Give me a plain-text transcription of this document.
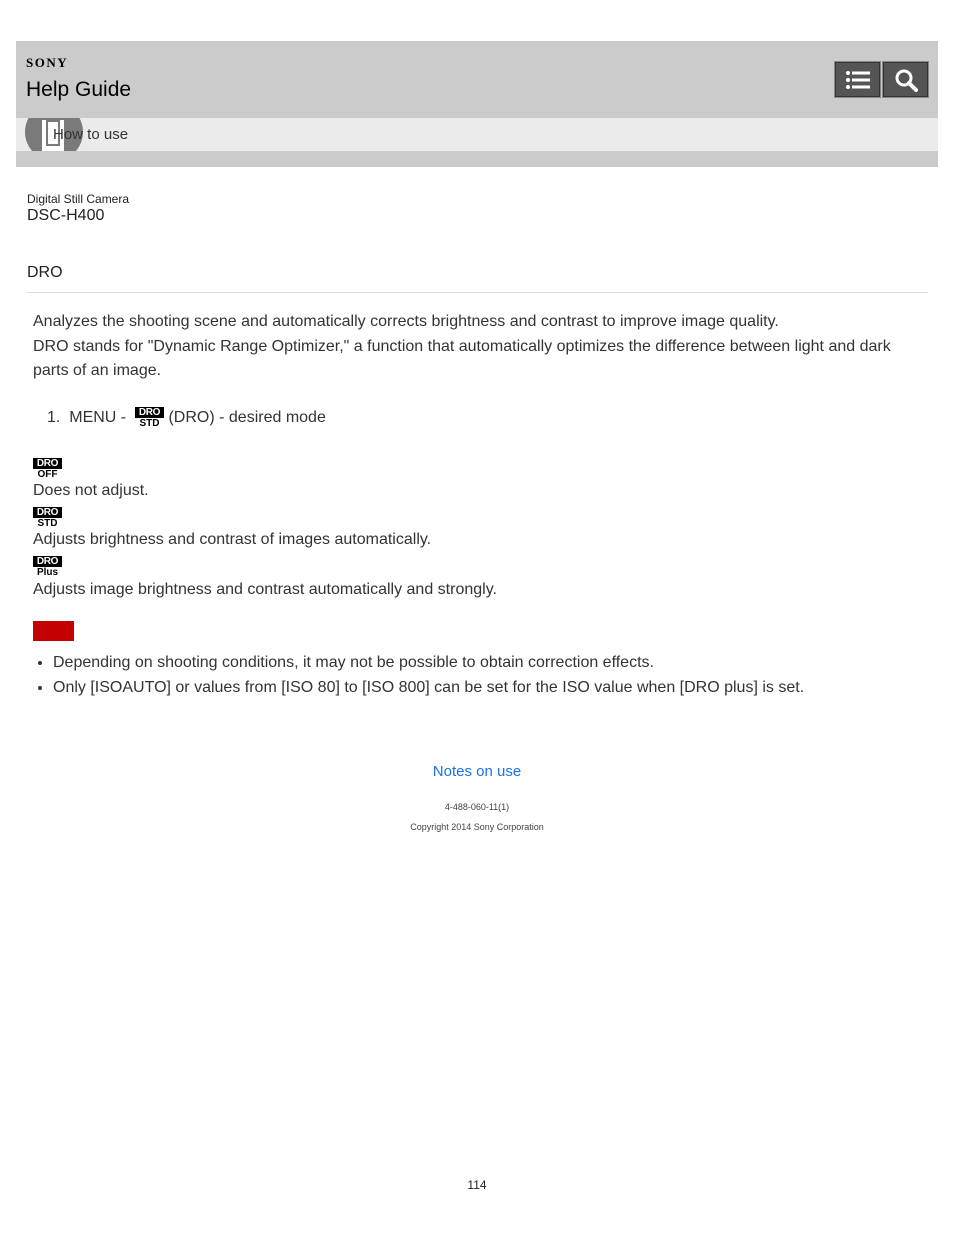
SONY
Help Guide
How to use
Digital Still Camera
DSC-H400
DRO

Analyzes the shooting scene and automatically corrects brightness and contrast to improve image quality.

DRO stands for "Dynamic Range Optimizer," a function that automatically optimizes the difference between light and dark parts of an image.

1.
MENU -
DRO
STD (DRO) - desired mode
DRO
OFF
Does not adjust.
DRO
STD
Adjusts brightness and contrast of images automatically.
DRO
Plus
Adjusts image brightness and contrast automatically and strongly.
• Depending on shooting conditions, it may not be possible to obtain correction effects.
• Only [ISOAUTO] or values from [ISO 80] to [ISO 800] can be set for the ISO value when [DRO plus] is set.
Notes on use
4-488-060-11(1)
Copyright 2014 Sony Corporation
114
